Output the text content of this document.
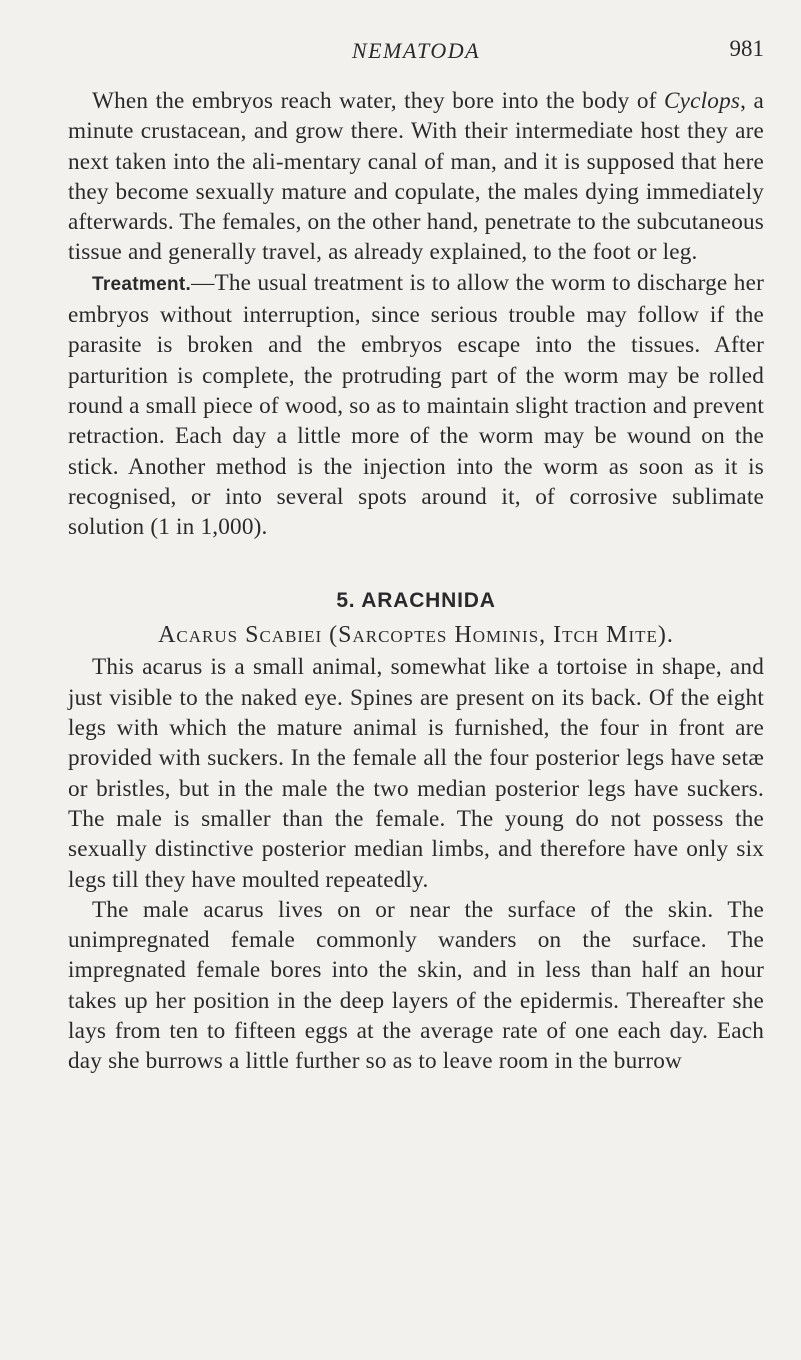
NEMATODA	981

When the embryos reach water, they bore into the body of Cyclops, a minute crustacean, and grow there. With their intermediate host they are next taken into the ali-mentary canal of man, and it is supposed that here they become sexually mature and copulate, the males dying immediately afterwards. The females, on the other hand, penetrate to the subcutaneous tissue and generally travel, as already explained, to the foot or leg.

Treatment.—The usual treatment is to allow the worm to discharge her embryos without interruption, since serious trouble may follow if the parasite is broken and the embryos escape into the tissues. After parturition is complete, the protruding part of the worm may be rolled round a small piece of wood, so as to maintain slight traction and prevent retraction. Each day a little more of the worm may be wound on the stick. Another method is the injection into the worm as soon as it is recognised, or into several spots around it, of corrosive sublimate solution (1 in 1,000).

5. ARACHNIDA
Acarus Scabiei (Sarcoptes Hominis, Itch Mite).

This acarus is a small animal, somewhat like a tortoise in shape, and just visible to the naked eye. Spines are present on its back. Of the eight legs with which the mature animal is furnished, the four in front are provided with suckers. In the female all the four posterior legs have setæ or bristles, but in the male the two median posterior legs have suckers. The male is smaller than the female. The young do not possess the sexually distinctive posterior median limbs, and therefore have only six legs till they have moulted repeatedly.

The male acarus lives on or near the surface of the skin. The unimpregnated female commonly wanders on the surface. The impregnated female bores into the skin, and in less than half an hour takes up her position in the deep layers of the epidermis. Thereafter she lays from ten to fifteen eggs at the average rate of one each day. Each day she burrows a little further so as to leave room in the burrow
